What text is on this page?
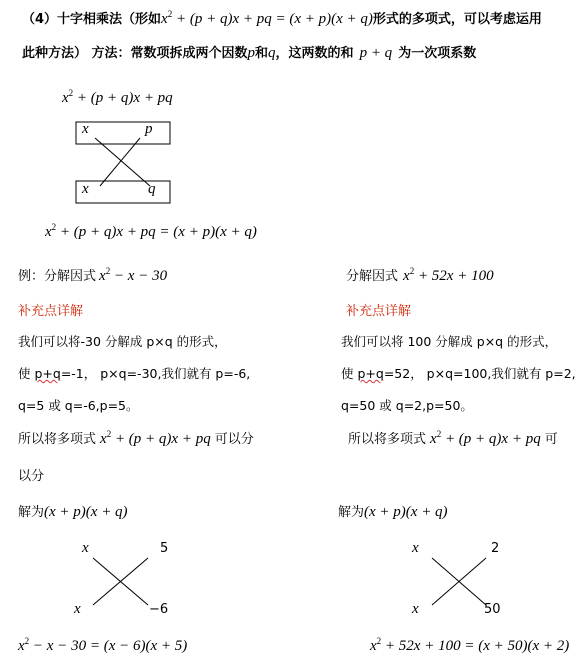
（4）十字相乘法（形如$x^2 + (p + q)x$ + pq = (x + p)(x + q)形式的多项式，可以考虑运用
此种方法） 方法：常数项拆成两个因数p和q，这两数的和 p + q 为一次项系数
$x^2 + (p + q)x$ + pq
x	p
x	q
$x^2 + (p + q)x$ + pq = (x + p)(x + q)
例：分解因式 $x^2 - x - 30$
补充点详解
我们可以将-30 分解成 p×q 的形式，
使 p+q=-1， p×q=-30,我们就有 p=-6,
q=5 或 q=-6,p=5。
所以将多项式 $x^2 + (p + q)x$ + pq 可以分
以分
解为(x + p)(x + q)
x	5
x	−6
$x^2 - x - 30 = (x - 6)(x + 5)$
分解因式 $x^2 + 52x + 100$
补充点详解
我们可以将 100 分解成 p×q 的形式，
使 p+q=52， p×q=100,我们就有 p=2,
q=50 或 q=2,p=50。
所以将多项式 $x^2 + (p + q)x$ + pq 可
解为(x + p)(x + q)
x	2
x	50
$x^2 + 52x + 100 = (x + 50)(x + 2)$
